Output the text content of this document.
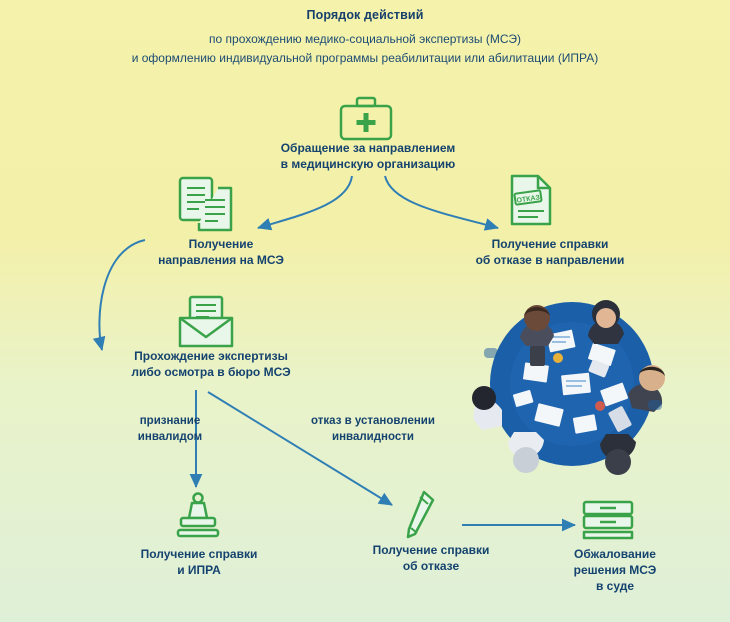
Порядок действий
по прохождению медико-социальной экспертизы (МСЭ)
и оформлению индивидуальной программы реабилитации или абилитации (ИПРА)
Обращение за направлением
в медицинскую организацию
Получение
направления на МСЭ
ОТКАЗ
Получение справки
об отказе в направлении
Прохождение экспертизы
либо осмотра в бюро МСЭ
признание
инвалидом
отказ в установлении
инвалидности
Получение справки
и ИПРА
Получение справки
об отказе
Обжалование
решения МСЭ
в суде
